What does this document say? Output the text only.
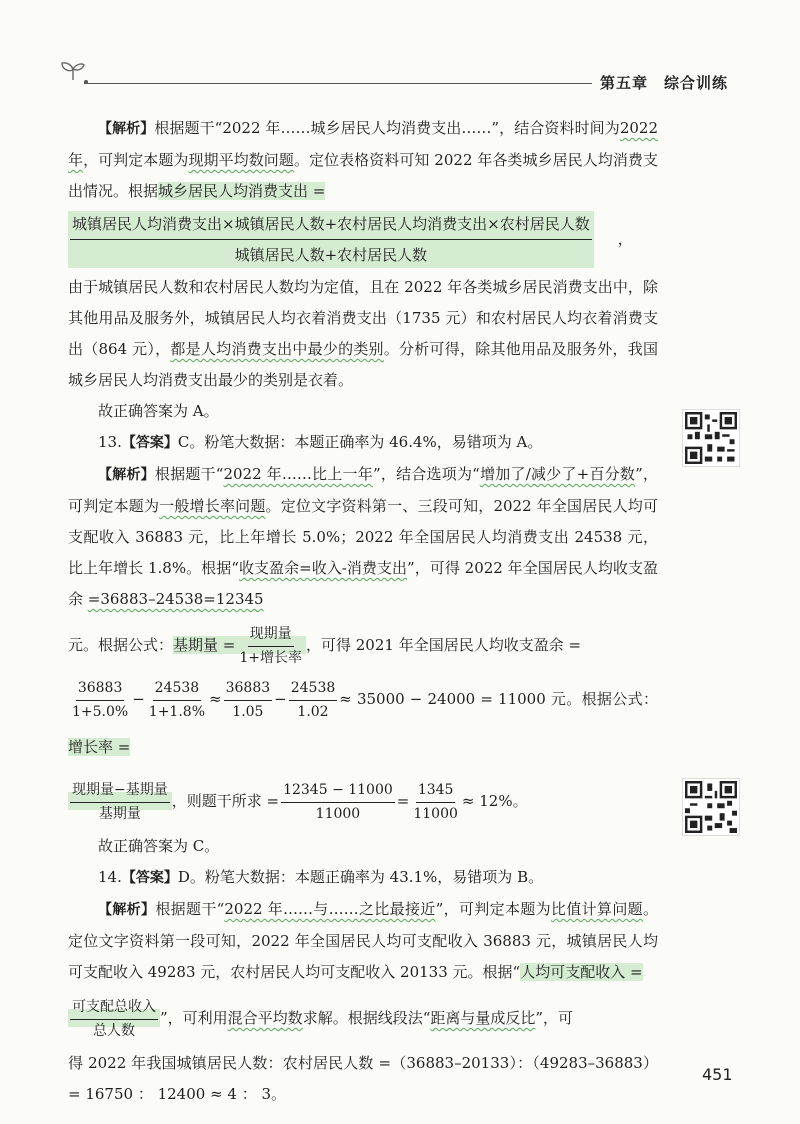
第五章 综合训练

【解析】根据题干“2022 年……城乡居民人均消费支出……”，结合资料时间为2022 年，可判定本题为现期平均数问题。定位表格资料可知 2022 年各类城乡居民人均消费支出情况。根据城乡居民人均消费支出 =

$\frac{\text{城镇居民人均消费支出×城镇居民人数+农村居民人均消费支出×农村居民人数}}{\text{城镇居民人数+农村居民人数}}$ ，

由于城镇居民人数和农村居民人数均为定值，且在 2022 年各类城乡居民消费支出中，除其他用品及服务外，城镇居民人均衣着消费支出（1735 元）和农村居民人均衣着消费支出（864 元），都是人均消费支出中最少的类别。分析可得，除其他用品及服务外，我国城乡居民人均消费支出最少的类别是衣着。

故正确答案为 A。

13.【答案】C。粉笔大数据：本题正确率为 46.4%，易错项为 A。

【解析】根据题干“2022 年……比上一年”，结合选项为“增加了/减少了+百分数”，可判定本题为一般增长率问题。定位文字资料第一、三段可知，2022 年全国居民人均可支配收入 36883 元，比上年增长 5.0%；2022 年全国居民人均消费支出 24538 元，比上年增长 1.8%。根据“收支盈余=收入-消费支出”，可得 2022 年全国居民人均收支盈余 =36883–24538=12345

元。根据公式：基期量 = $\frac{\text{现期量}}{\text{1+增长率}}$ ，可得 2021 年全国居民人均收支盈余 =

$\frac{36883}{1+5.0\%} - \frac{24538}{1+1.8\%} \approx \frac{36883}{1.05} - \frac{24538}{1.02} \approx 35000 - 24000 = 11000$ 元。根据公式：增长率 =

$\frac{\text{现期量−基期量}}{\text{基期量}}$ ，则题干所求 = $\frac{12345 - 11000}{11000} = \frac{1345}{11000} \approx 12\%$。

故正确答案为 C。

14.【答案】D。粉笔大数据：本题正确率为 43.1%，易错项为 B。

【解析】根据题干“2022 年……与……之比最接近”，可判定本题为比值计算问题。定位文字资料第一段可知，2022 年全国居民人均可支配收入 36883 元，城镇居民人均可支配收入 49283 元，农村居民人均可支配收入 20133 元。根据“人均可支配收入 =

$\frac{\text{可支配总收入}}{\text{总人数}}$ ”，可利用混合平均数求解。根据线段法“距离与量成反比”，可

得 2022 年我国城镇居民人数：农村居民人数 =（36883–20133）：（49283–36883）= 16750 ： 12400 ≈ 4 ： 3。

451
